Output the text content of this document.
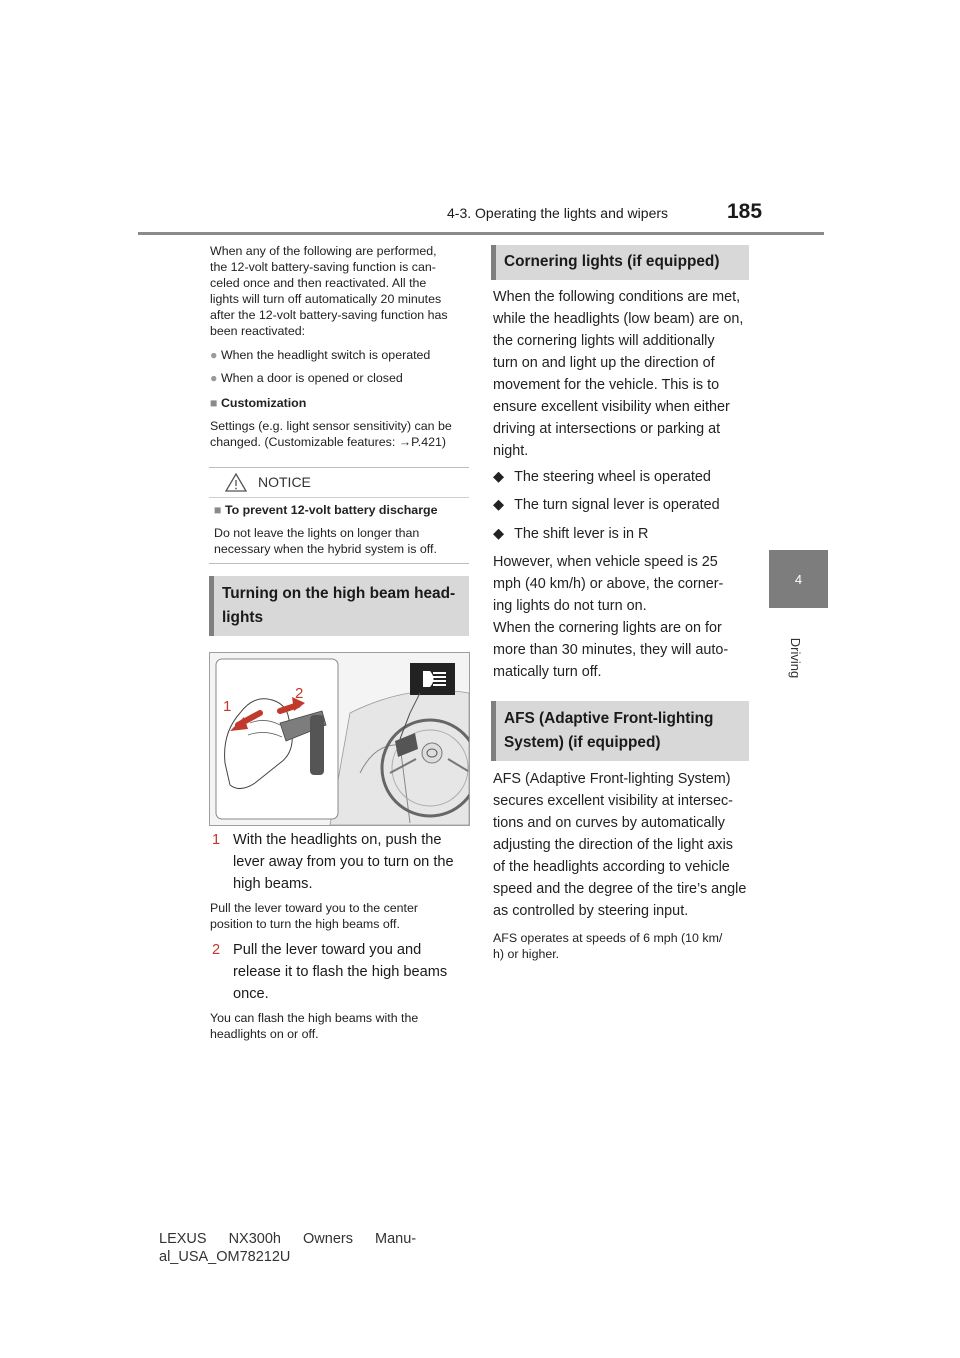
4-3. Operating the lights and wipers	185
4
Driving
When any of the following are performed,
the 12-volt battery-saving function is can-
celed once and then reactivated. All the
lights will turn off automatically 20 minutes
after the 12-volt battery-saving function has
been reactivated:
● When the headlight switch is operated
● When a door is opened or closed
■ Customization
Settings (e.g. light sensor sensitivity) can be
changed. (Customizable features: →P.421)
NOTICE
■ To prevent 12-volt battery discharge
Do not leave the lights on longer than
necessary when the hybrid system is off.
Turning on the high beam head-
lights
1
2
1 With the headlights on, push the
lever away from you to turn on the
high beams.
Pull the lever toward you to the center
position to turn the high beams off.
2 Pull the lever toward you and
release it to flash the high beams
once.
You can flash the high beams with the
headlights on or off.
Cornering lights (if equipped)
When the following conditions are met,
while the headlights (low beam) are on,
the cornering lights will additionally
turn on and light up the direction of
movement for the vehicle. This is to
ensure excellent visibility when either
driving at intersections or parking at
night.
◆ The steering wheel is operated
◆ The turn signal lever is operated
◆ The shift lever is in R
However, when vehicle speed is 25
mph (40 km/h) or above, the corner-
ing lights do not turn on.
When the cornering lights are on for
more than 30 minutes, they will auto-
matically turn off.
AFS (Adaptive Front-lighting
System) (if equipped)
AFS (Adaptive Front-lighting System)
secures excellent visibility at intersec-
tions and on curves by automatically
adjusting the direction of the light axis
of the headlights according to vehicle
speed and the degree of the tire’s angle
as controlled by steering input.
AFS operates at speeds of 6 mph (10 km/
h) or higher.
LEXUS NX300h Owners Manu-
al_USA_OM78212U
